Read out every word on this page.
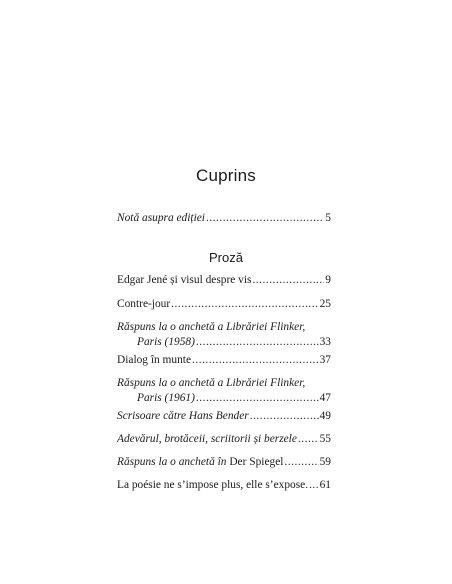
Cuprins
Notă asupra ediției .....	5
Proză
Edgar Jené și visul despre vis .....	9
Contre-jour .....	25
Răspuns la o anchetă a Librăriei Flinker,
Paris (1958) .....	33
Dialog în munte .....	37
Răspuns la o anchetă a Librăriei Flinker,
Paris (1961) .....	47
Scrisoare către Hans Bender .....	49
Adevărul, brotăceii, scriitorii și berzele ..... 55
Răspuns la o anchetă în Der Spiegel .....	59
La poésie ne s’impose plus, elle s’expose. ..... 61
